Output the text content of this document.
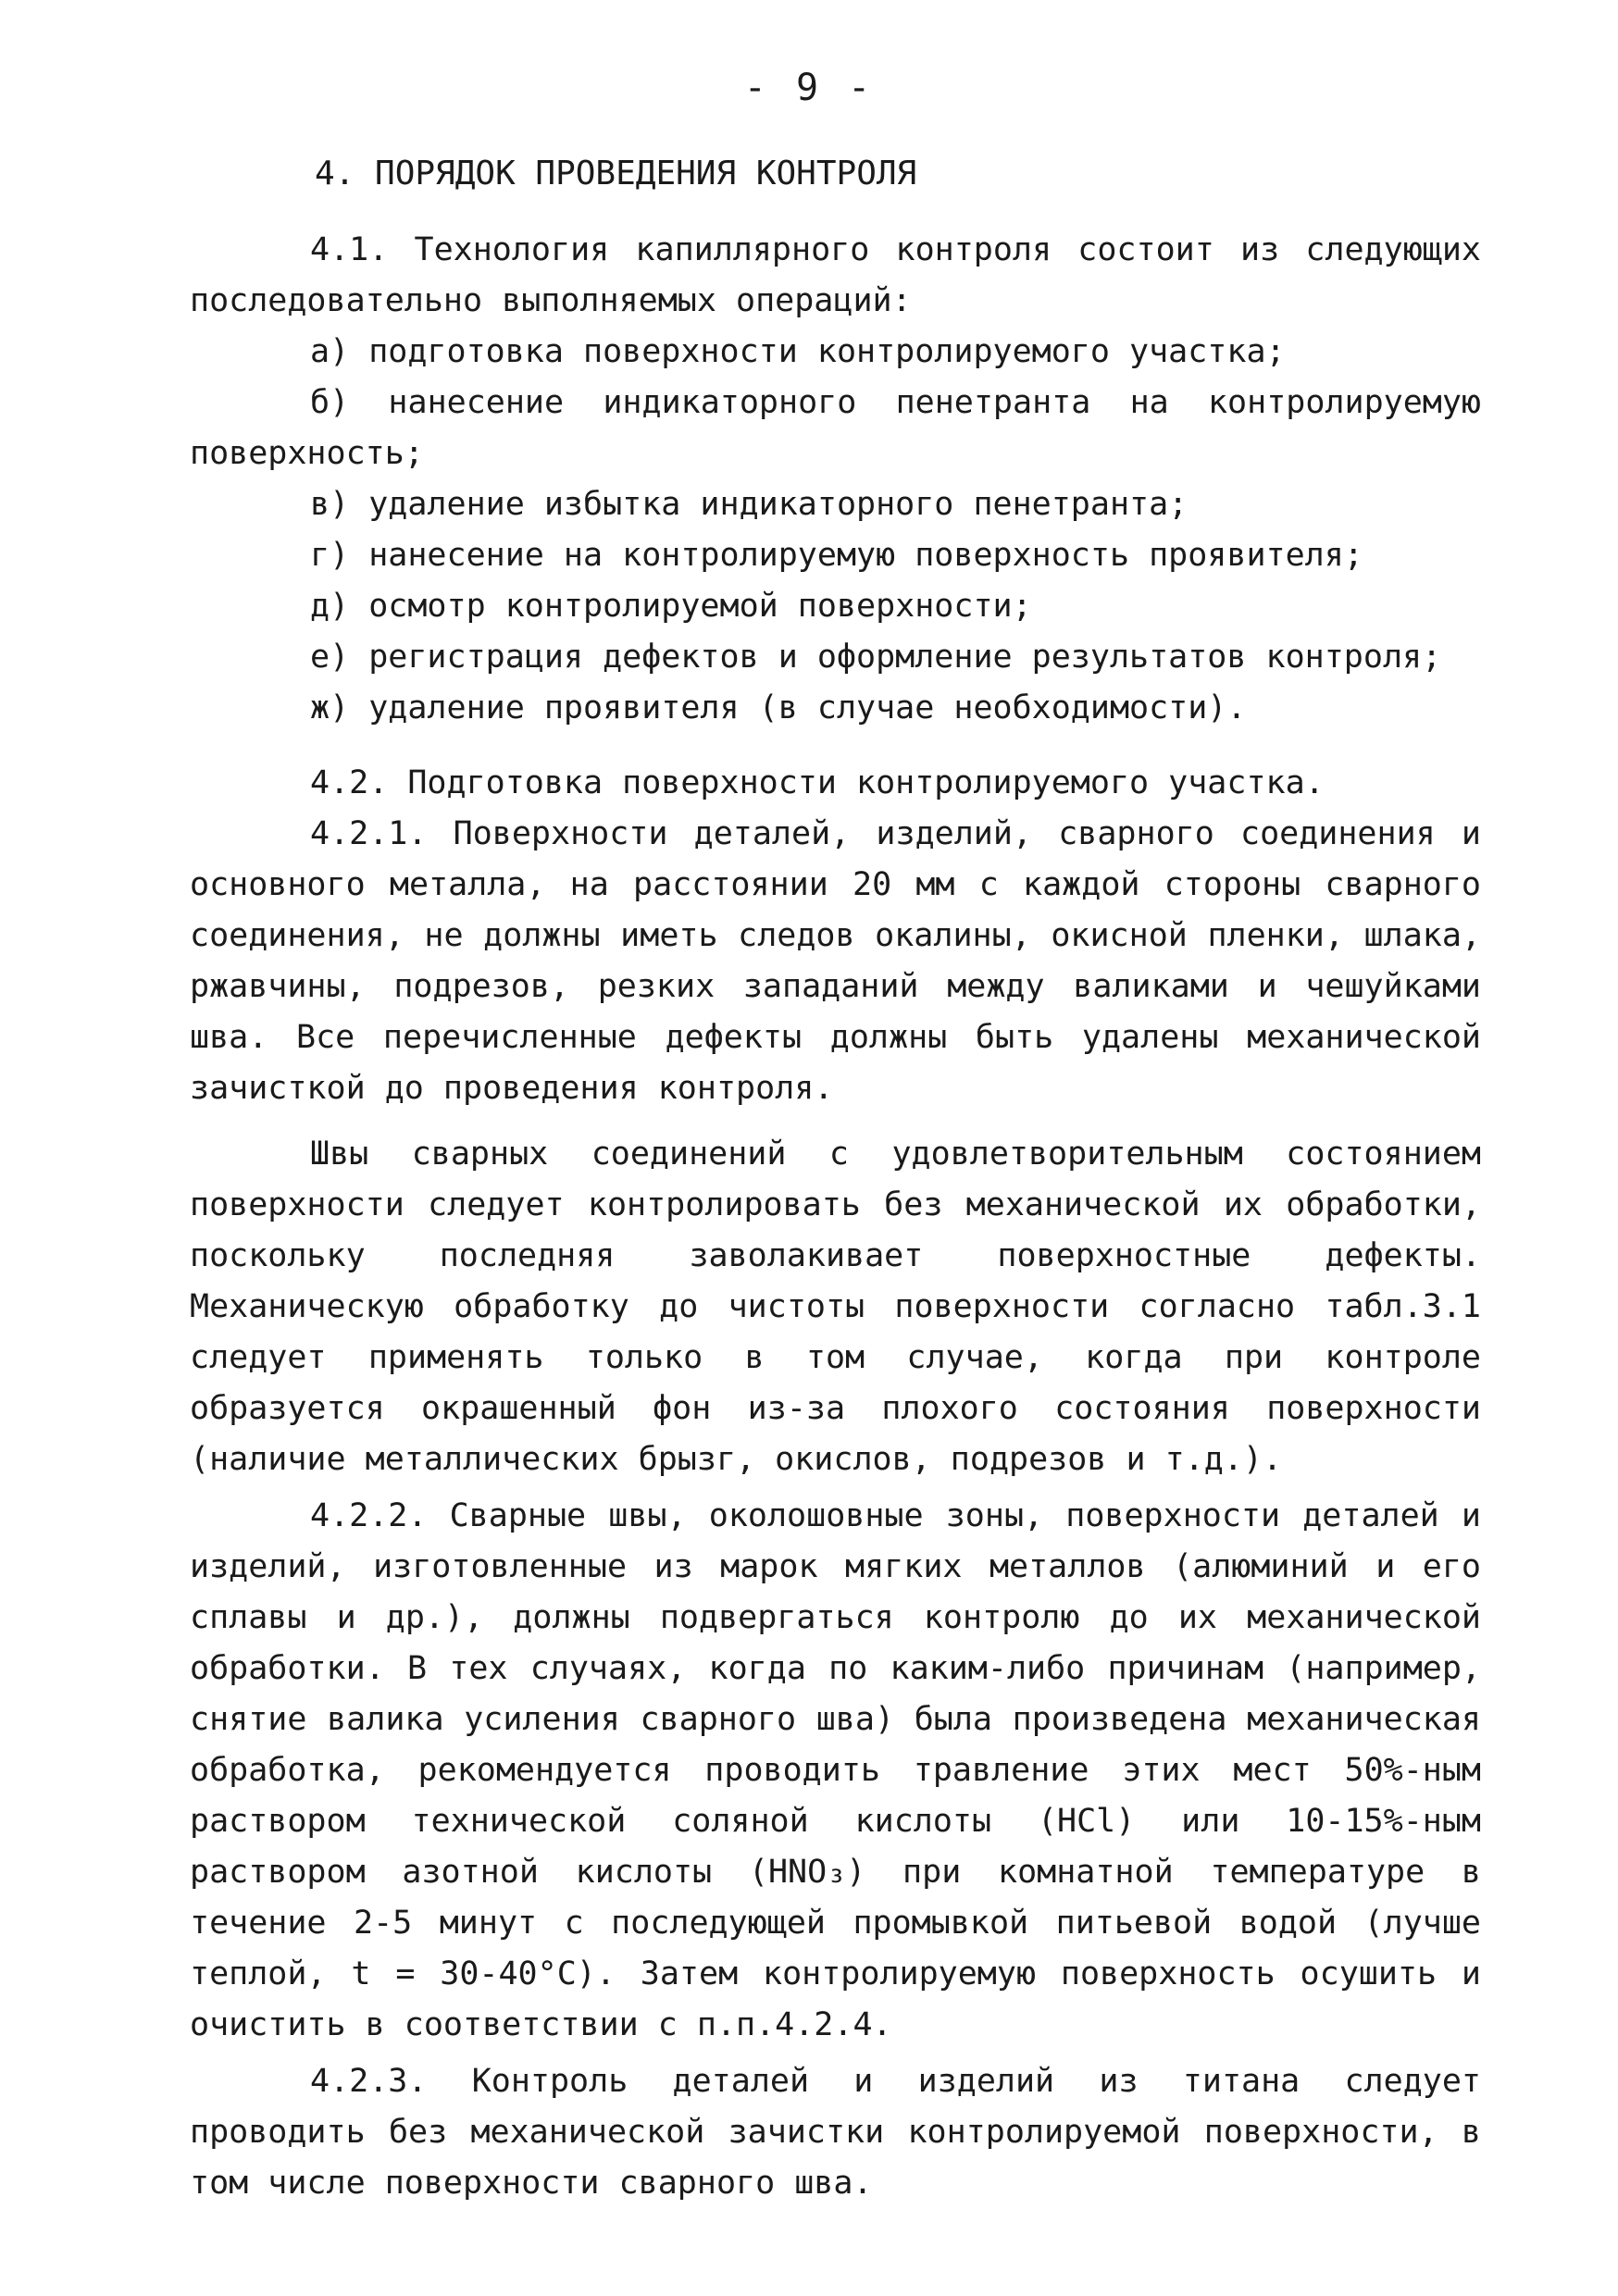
- 9 -
4. ПОРЯДОК ПРОВЕДЕНИЯ КОНТРОЛЯ

4.1. Технология капиллярного контроля состоит из следующих последовательно выполняемых операций:

а) подготовка поверхности контролируемого участка;
б) нанесение индикаторного пенетранта на контролируемую поверхность;
в) удаление избытка индикаторного пенетранта;
г) нанесение на контролируемую поверхность проявителя;
д) осмотр контролируемой поверхности;
е) регистрация дефектов и оформление результатов контроля;
ж) удаление проявителя (в случае необходимости).

4.2. Подготовка поверхности контролируемого участка.

4.2.1. Поверхности деталей, изделий, сварного соединения и основного металла, на расстоянии 20 мм с каждой стороны сварного соединения, не должны иметь следов окалины, окисной пленки, шлака, ржавчины, подрезов, резких западаний между валиками и чешуйками шва. Все перечисленные дефекты должны быть удалены механической зачисткой до проведения контроля.

Швы сварных соединений с удовлетворительным состоянием поверхности следует контролировать без механической их обработки, поскольку последняя заволакивает поверхностные дефекты. Механическую обработку до чистоты поверхности согласно табл.3.1 следует применять только в том случае, когда при контроле образуется окрашенный фон из-за плохого состояния поверхности (наличие металлических брызг, окислов, подрезов и т.д.).

4.2.2. Сварные швы, околошовные зоны, поверхности деталей и изделий, изготовленные из марок мягких металлов (алюминий и его сплавы и др.), должны подвергаться контролю до их механической обработки. В тех случаях, когда по каким-либо причинам (например, снятие валика усиления сварного шва) была произведена механическая обработка, рекомендуется проводить травление этих мест 50%-ным раствором технической соляной кислоты (HCl) или 10-15%-ным раствором азотной кислоты (HNO₃) при комнатной температуре в течение 2-5 минут с последующей промывкой питьевой водой (лучше теплой, t = 30-40°С). Затем контролируемую поверхность осушить и очистить в соответствии с п.п.4.2.4.

4.2.3. Контроль деталей и изделий из титана следует проводить без механической зачистки контролируемой поверхности, в том числе поверхности сварного шва.
